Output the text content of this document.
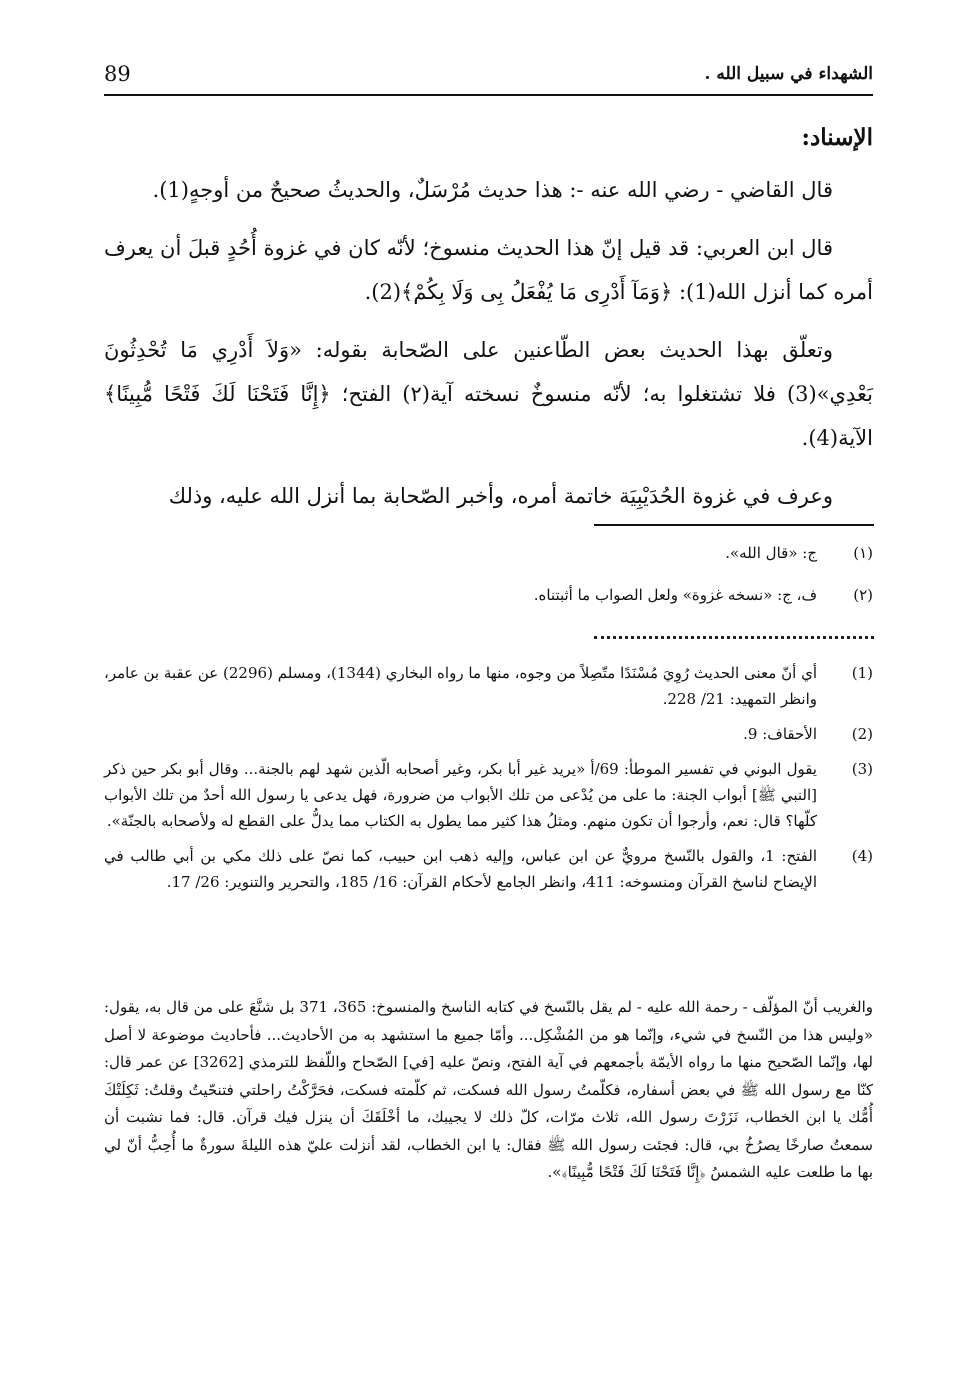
89	الشهداء في سبيل الله .
الإسناد:

قال القاضي - رضي الله عنه -: هذا حديث مُرْسَلٌ، والحديثُ صحيحٌ من أوجهٍ(1).

قال ابن العربي: قد قيل إنّ هذا الحديث منسوخ؛ لأنّه كان في غزوة أُحُدٍ قبلَ أن يعرف أمره كما أنزل الله(1): ﴿وَمَآ أَدْرِى مَا يُفْعَلُ بِى وَلَا بِكُمْ﴾(2).

وتعلّق بهذا الحديث بعض الطّاعنين على الصّحابة بقوله: «وَلاَ أَدْرِي مَا تُحْدِثُونَ بَعْدِي»(3) فلا تشتغلوا به؛ لأنّه منسوخٌ نسخته آية(٢) الفتح؛ ﴿إِنَّا فَتَحْنَا لَكَ فَتْحًا مُّبِينًا﴾ الآية(4).

وعرف في غزوة الحُدَيْبِيَة خاتمة أمره، وأخبر الصّحابة بما أنزل الله عليه، وذلك

(١)
ج: «قال الله».
(٢)
ف، ج: «نسخه غزوة» ولعل الصواب ما أثبتناه.
(1)
أي أنّ معنى الحديث رُوِيَ مُسْنَدًا متّصِلاً من وجوه، منها ما رواه البخاري (1344)، ومسلم (2296) عن عقبة بن عامر، وانظر التمهيد: 21/ 228.
(2)
الأحقاف: 9.
(3)
يقول البوني في تفسير الموطأ: 69/أ «يريد غير أبا بكر، وغير أصحابه الّذين شهد لهم بالجنة... وقال أبو بكر حين ذكر [النبي ﷺ] أبواب الجنة: ما على من يُدْعى من تلك الأبواب من ضرورة، فهل يدعى يا رسول الله أحدٌ من تلك الأبواب كلّها؟ قال: نعم، وأرجوا أن تكون منهم. ومثلُ هذا كثير مما يطول به الكتاب مما يدلُّ على القطع له ولأصحابه بالجنّة».
(4)
الفتح: 1، والقول بالنّسخ مرويٌّ عن ابن عباس، وإليه ذهب ابن حبيب، كما نصّ على ذلك مكي بن أبي طالب في الإيضاح لناسخ القرآن ومنسوخه: 411، وانظر الجامع لأحكام القرآن: 16/ 185، والتحرير والتنوير: 26/ 17.
والغريب أنّ المؤلّف - رحمة الله عليه - لم يقل بالنّسخ في كتابه الناسخ والمنسوخ: 365، 371 بل شنَّعَ على من قال به، يقول: «وليس هذا من النّسخ في شيء، وإنّما هو من المُشْكِل... وأمّا جميع ما استشهد به من الأحاديث... فأحاديث موضوعة لا أصل لها، وإنّما الصّحيح منها ما رواه الأيمّة بأجمعهم في آية الفتح، ونصّ عليه [في] الصّحاح واللّفظ للترمذي [3262] عن عمر قال: كنّا مع رسول الله ﷺ في بعض أسفاره، فكلّمتُ رسول الله فسكت، ثم كلّمته فسكت، فحَرَّكْتُ راحلتي فتنحّيتُ وقلتُ: ثَكِلَتْكَ أُمُّك يا ابن الخطاب، نَزَرْتَ رسول الله، ثلاث مرّات، كلّ ذلك لا يجيبك، ما أخْلَقَكَ أن ينزل فيك قرآن. قال: فما نشبت أن سمعتُ صارخًا يصرُخُ بي، قال: فجئت رسول الله ﷺ فقال: يا ابن الخطاب، لقد أنزلت عليّ هذه الليلةَ سورةٌ ما أُحِبُّ أنّ لي بها ما طلعت عليه الشمسُ ﴿إِنَّا فَتَحْنَا لَكَ فَتْحًا مُّبِينًا﴾».
